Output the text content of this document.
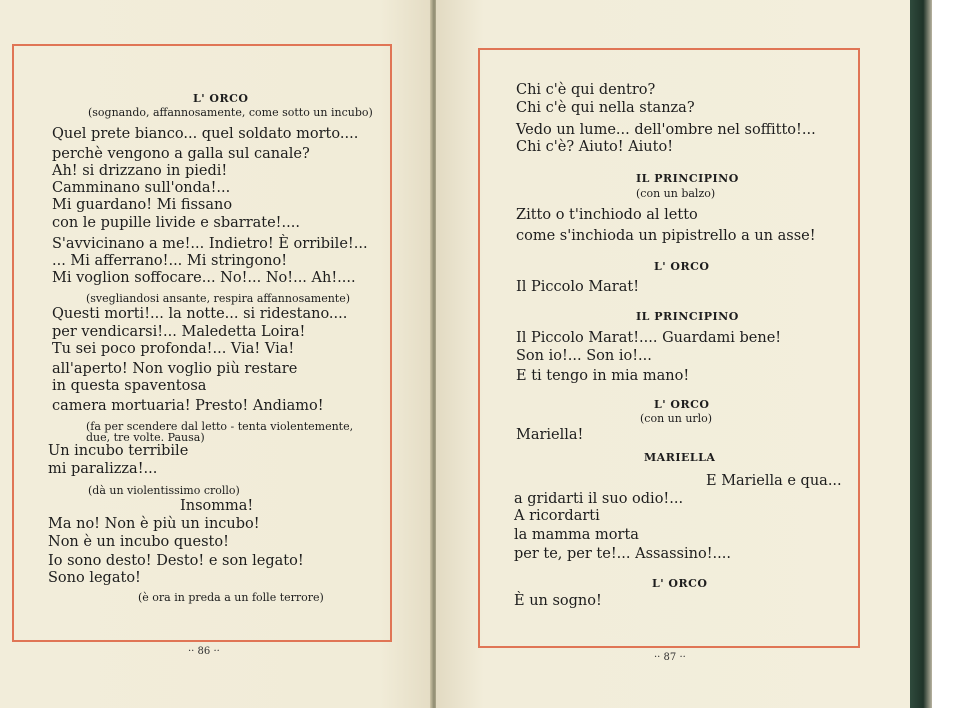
L' ORCO
(sognando, affannosamente, come sotto un incubo)
Quel prete bianco... quel soldato morto....
perchè vengono a galla sul canale?
Ah! si drizzano in piedi!
Camminano sull'onda!...
Mi guardano! Mi fissano
con le pupille livide e sbarrate!....
S'avvicinano a me!... Indietro! È orribile!...
... Mi afferrano!... Mi stringono!
Mi voglion soffocare... No!... No!... Ah!....
(svegliandosi ansante, respira affannosamente)
Questi morti!... la notte... si ridestano....
per vendicarsi!... Maledetta Loira!
Tu sei poco profonda!... Via! Via!
all'aperto! Non voglio più restare
in questa spaventosa
camera mortuaria! Presto! Andiamo!
(fa per scendere dal letto - tenta violentemente,
due, tre volte. Pausa)
Un incubo terribile
mi paralizza!...
(dà un violentissimo crollo)
Insomma!
Ma no! Non è più un incubo!
Non è un incubo questo!
Io sono desto! Desto! e son legato!
Sono legato!
(è ora in preda a un folle terrore)
·· 86 ··
Chi c'è qui dentro?
Chi c'è qui nella stanza?
Vedo un lume... dell'ombre nel soffitto!...
Chi c'è? Aiuto! Aiuto!
IL PRINCIPINO
(con un balzo)
Zitto o t'inchiodo al letto
come s'inchioda un pipistrello a un asse!
L' ORCO
Il Piccolo Marat!
IL PRINCIPINO
Il Piccolo Marat!.... Guardami bene!
Son io!... Son io!...
E ti tengo in mia mano!
L' ORCO
(con un urlo)
Mariella!
MARIELLA
E Mariella e qua...
a gridarti il suo odio!...
A ricordarti
la mamma morta
per te, per te!... Assassino!....
L' ORCO
È un sogno!
·· 87 ··
